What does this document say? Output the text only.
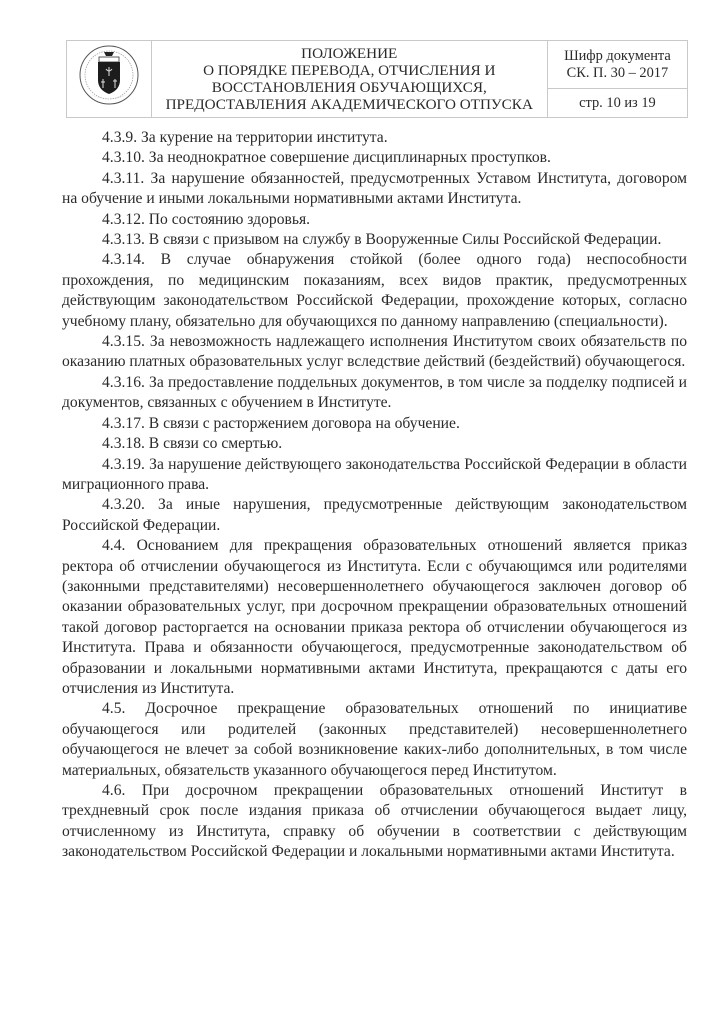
ПОЛОЖЕНИЕ
О ПОРЯДКЕ ПЕРЕВОДА, ОТЧИСЛЕНИЯ И
ВОССТАНОВЛЕНИЯ ОБУЧАЮЩИХСЯ,
ПРЕДОСТАВЛЕНИЯ АКАДЕМИЧЕСКОГО ОТПУСКА

Шифр документа
СК. П. 30 – 2017

стр. 10 из 19

4.3.9. За курение на территории института.

4.3.10. За неоднократное совершение дисциплинарных проступков.

4.3.11. За нарушение обязанностей, предусмотренных Уставом Института, договором на обучение и иными локальными нормативными актами Института.

4.3.12. По состоянию здоровья.

4.3.13. В связи с призывом на службу в Вооруженные Силы Российской Федерации.

4.3.14. В случае обнаружения стойкой (более одного года) неспособности прохождения, по медицинским показаниям, всех видов практик, предусмотренных действующим законодательством Российской Федерации, прохождение которых, согласно учебному плану, обязательно для обучающихся по данному направлению (специальности).

4.3.15. За невозможность надлежащего исполнения Институтом своих обязательств по оказанию платных образовательных услуг вследствие действий (бездействий) обучающегося.

4.3.16. За предоставление поддельных документов, в том числе за подделку подписей и документов, связанных с обучением в Институте.

4.3.17. В связи с расторжением договора на обучение.

4.3.18. В связи со смертью.

4.3.19. За нарушение действующего законодательства Российской Федерации в области миграционного права.

4.3.20. За иные нарушения, предусмотренные действующим законодательством Российской Федерации.

4.4. Основанием для прекращения образовательных отношений является приказ ректора об отчислении обучающегося из Института. Если с обучающимся или родителями (законными представителями) несовершеннолетнего обучающегося заключен договор об оказании образовательных услуг, при досрочном прекращении образовательных отношений такой договор расторгается на основании приказа ректора об отчислении обучающегося из Института. Права и обязанности обучающегося, предусмотренные законодательством об образовании и локальными нормативными актами Института, прекращаются с даты его отчисления из Института.

4.5. Досрочное прекращение образовательных отношений по инициативе обучающегося или родителей (законных представителей) несовершеннолетнего обучающегося не влечет за собой возникновение каких-либо дополнительных, в том числе материальных, обязательств указанного обучающегося перед Институтом.

4.6. При досрочном прекращении образовательных отношений Институт в трехдневный срок после издания приказа об отчислении обучающегося выдает лицу, отчисленному из Института, справку об обучении в соответствии с действующим законодательством Российской Федерации и локальными нормативными актами Института.
